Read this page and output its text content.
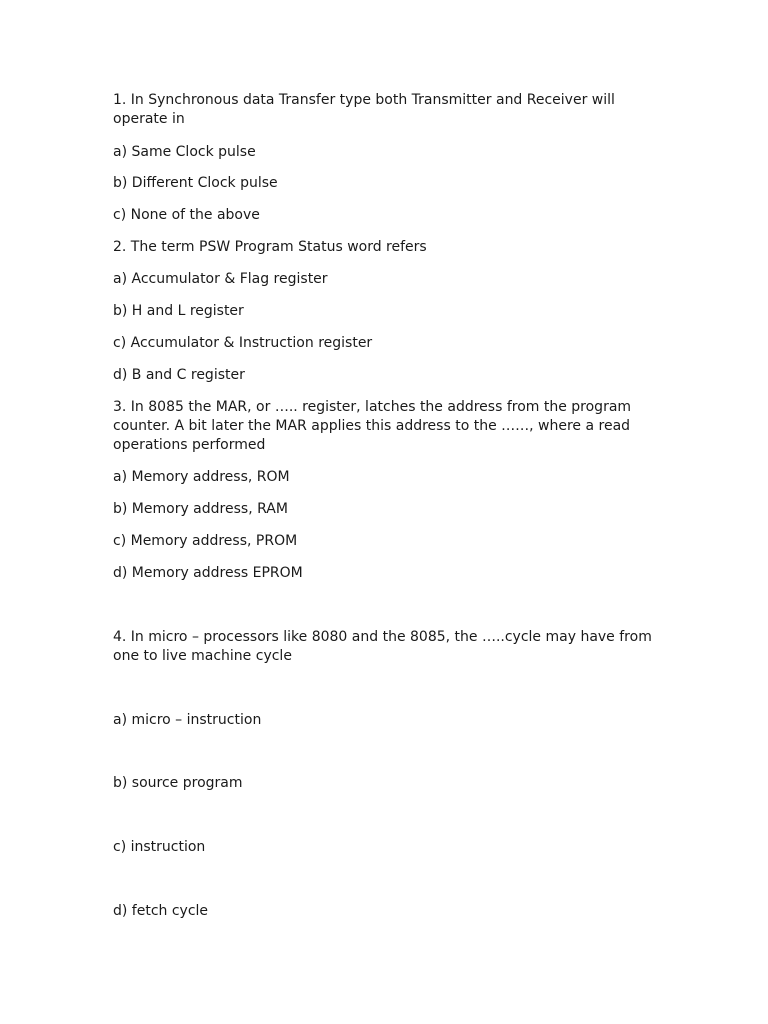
1. In Synchronous data Transfer type both Transmitter and Receiver will
operate in
a) Same Clock pulse
b) Different Clock pulse
c) None of the above
2. The term PSW Program Status word refers
a) Accumulator & Flag register
b) H and L register
c) Accumulator & Instruction register
d) B and C register
3. In 8085 the MAR, or ….. register, latches the address from the program
counter. A bit later the MAR applies this address to the ……, where a read
operations performed
a) Memory address, ROM
b) Memory address, RAM
c) Memory address, PROM
d) Memory address EPROM
4. In micro – processors like 8080 and the 8085, the …..cycle may have from
one to live machine cycle
a) micro – instruction
b) source program
c) instruction
d) fetch cycle
